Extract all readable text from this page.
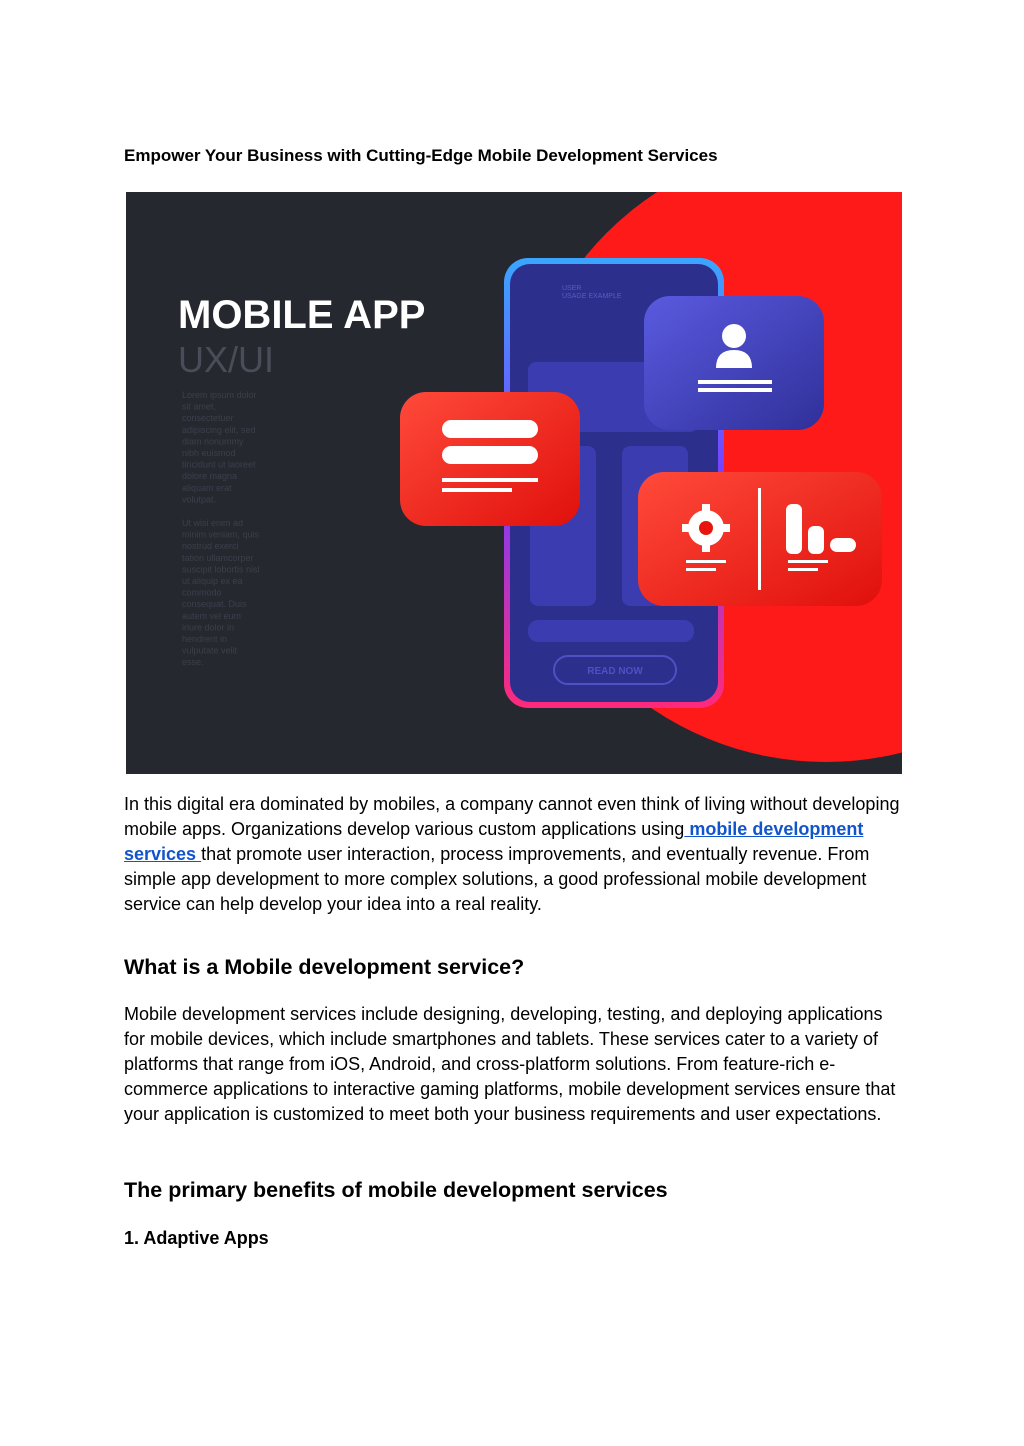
Empower Your Business with Cutting-Edge Mobile Development Services
MOBILE APP
UX/UI
Lorem ipsum dolor
sit amet,
consectetuer
adipiscing elit, sed
diam nonummy
nibh euismod
tincidunt ut laoreet
dolore magna
aliquam erat
volutpat.
Ut wisi enim ad
minim veniam, quis
nostrud exerci
tation ullamcorper
suscipit lobortis nisl
ut aliquip ex ea
commodo
consequat. Duis
autem vel eum
iriure dolor in
hendrerit in
vulputate velit
esse.
USER
USAGE EXAMPLE
READ NOW

In this digital era dominated by mobiles, a company cannot even think of living without developing mobile apps. Organizations develop various custom applications using mobile development services that promote user interaction, process improvements, and eventually revenue. From simple app development to more complex solutions, a good professional mobile development service can help develop your idea into a real reality.

What is a Mobile development service?

Mobile development services include designing, developing, testing, and deploying applications for mobile devices, which include smartphones and tablets. These services cater to a variety of platforms that range from iOS, Android, and cross-platform solutions. From feature-rich e-commerce applications to interactive gaming platforms, mobile development services ensure that your application is customized to meet both your business requirements and user expectations.

The primary benefits of mobile development services
1. Adaptive Apps
